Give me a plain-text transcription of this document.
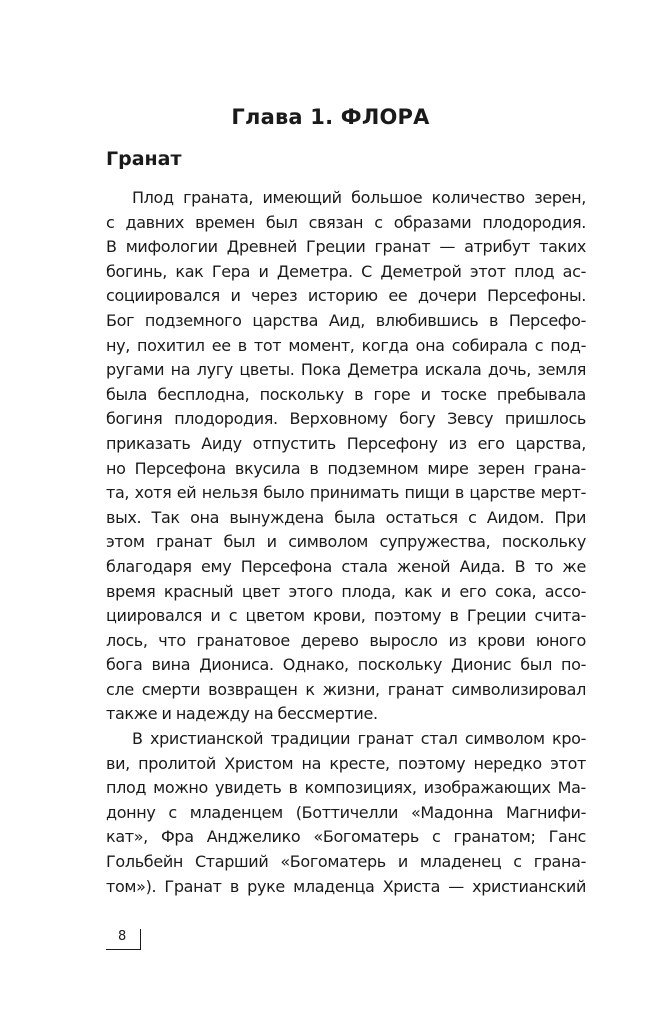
Глава 1. ФЛОРА
Гранат
Плод граната, имеющий большое количество зерен,
с давних времен был связан с образами плодородия.
В мифологии Древней Греции гранат — атрибут таких
богинь, как Гера и Деметра. С Деметрой этот плод ас-
социировался и через историю ее дочери Персефоны.
Бог подземного царства Аид, влюбившись в Персефо-
ну, похитил ее в тот момент, когда она собирала с под-
ругами на лугу цветы. Пока Деметра искала дочь, земля
была бесплодна, поскольку в горе и тоске пребывала
богиня плодородия. Верховному богу Зевсу пришлось
приказать Аиду отпустить Персефону из его царства,
но Персефона вкусила в подземном мире зерен грана-
та, хотя ей нельзя было принимать пищи в царстве мерт-
вых. Так она вынуждена была остаться с Аидом. При
этом гранат был и символом супружества, поскольку
благодаря ему Персефона стала женой Аида. В то же
время красный цвет этого плода, как и его сока, ассо-
циировался и с цветом крови, поэтому в Греции счита-
лось, что гранатовое дерево выросло из крови юного
бога вина Диониса. Однако, поскольку Дионис был по-
сле смерти возвращен к жизни, гранат символизировал
также и надежду на бессмертие.
В христианской традиции гранат стал символом кро-
ви, пролитой Христом на кресте, поэтому нередко этот
плод можно увидеть в композициях, изображающих Ма-
донну с младенцем (Боттичелли «Мадонна Магнифи-
кат», Фра Анджелико «Богоматерь с гранатом; Ганс
Гольбейн Старший «Богоматерь и младенец с грана-
том»). Гранат в руке младенца Христа — христианский
8
